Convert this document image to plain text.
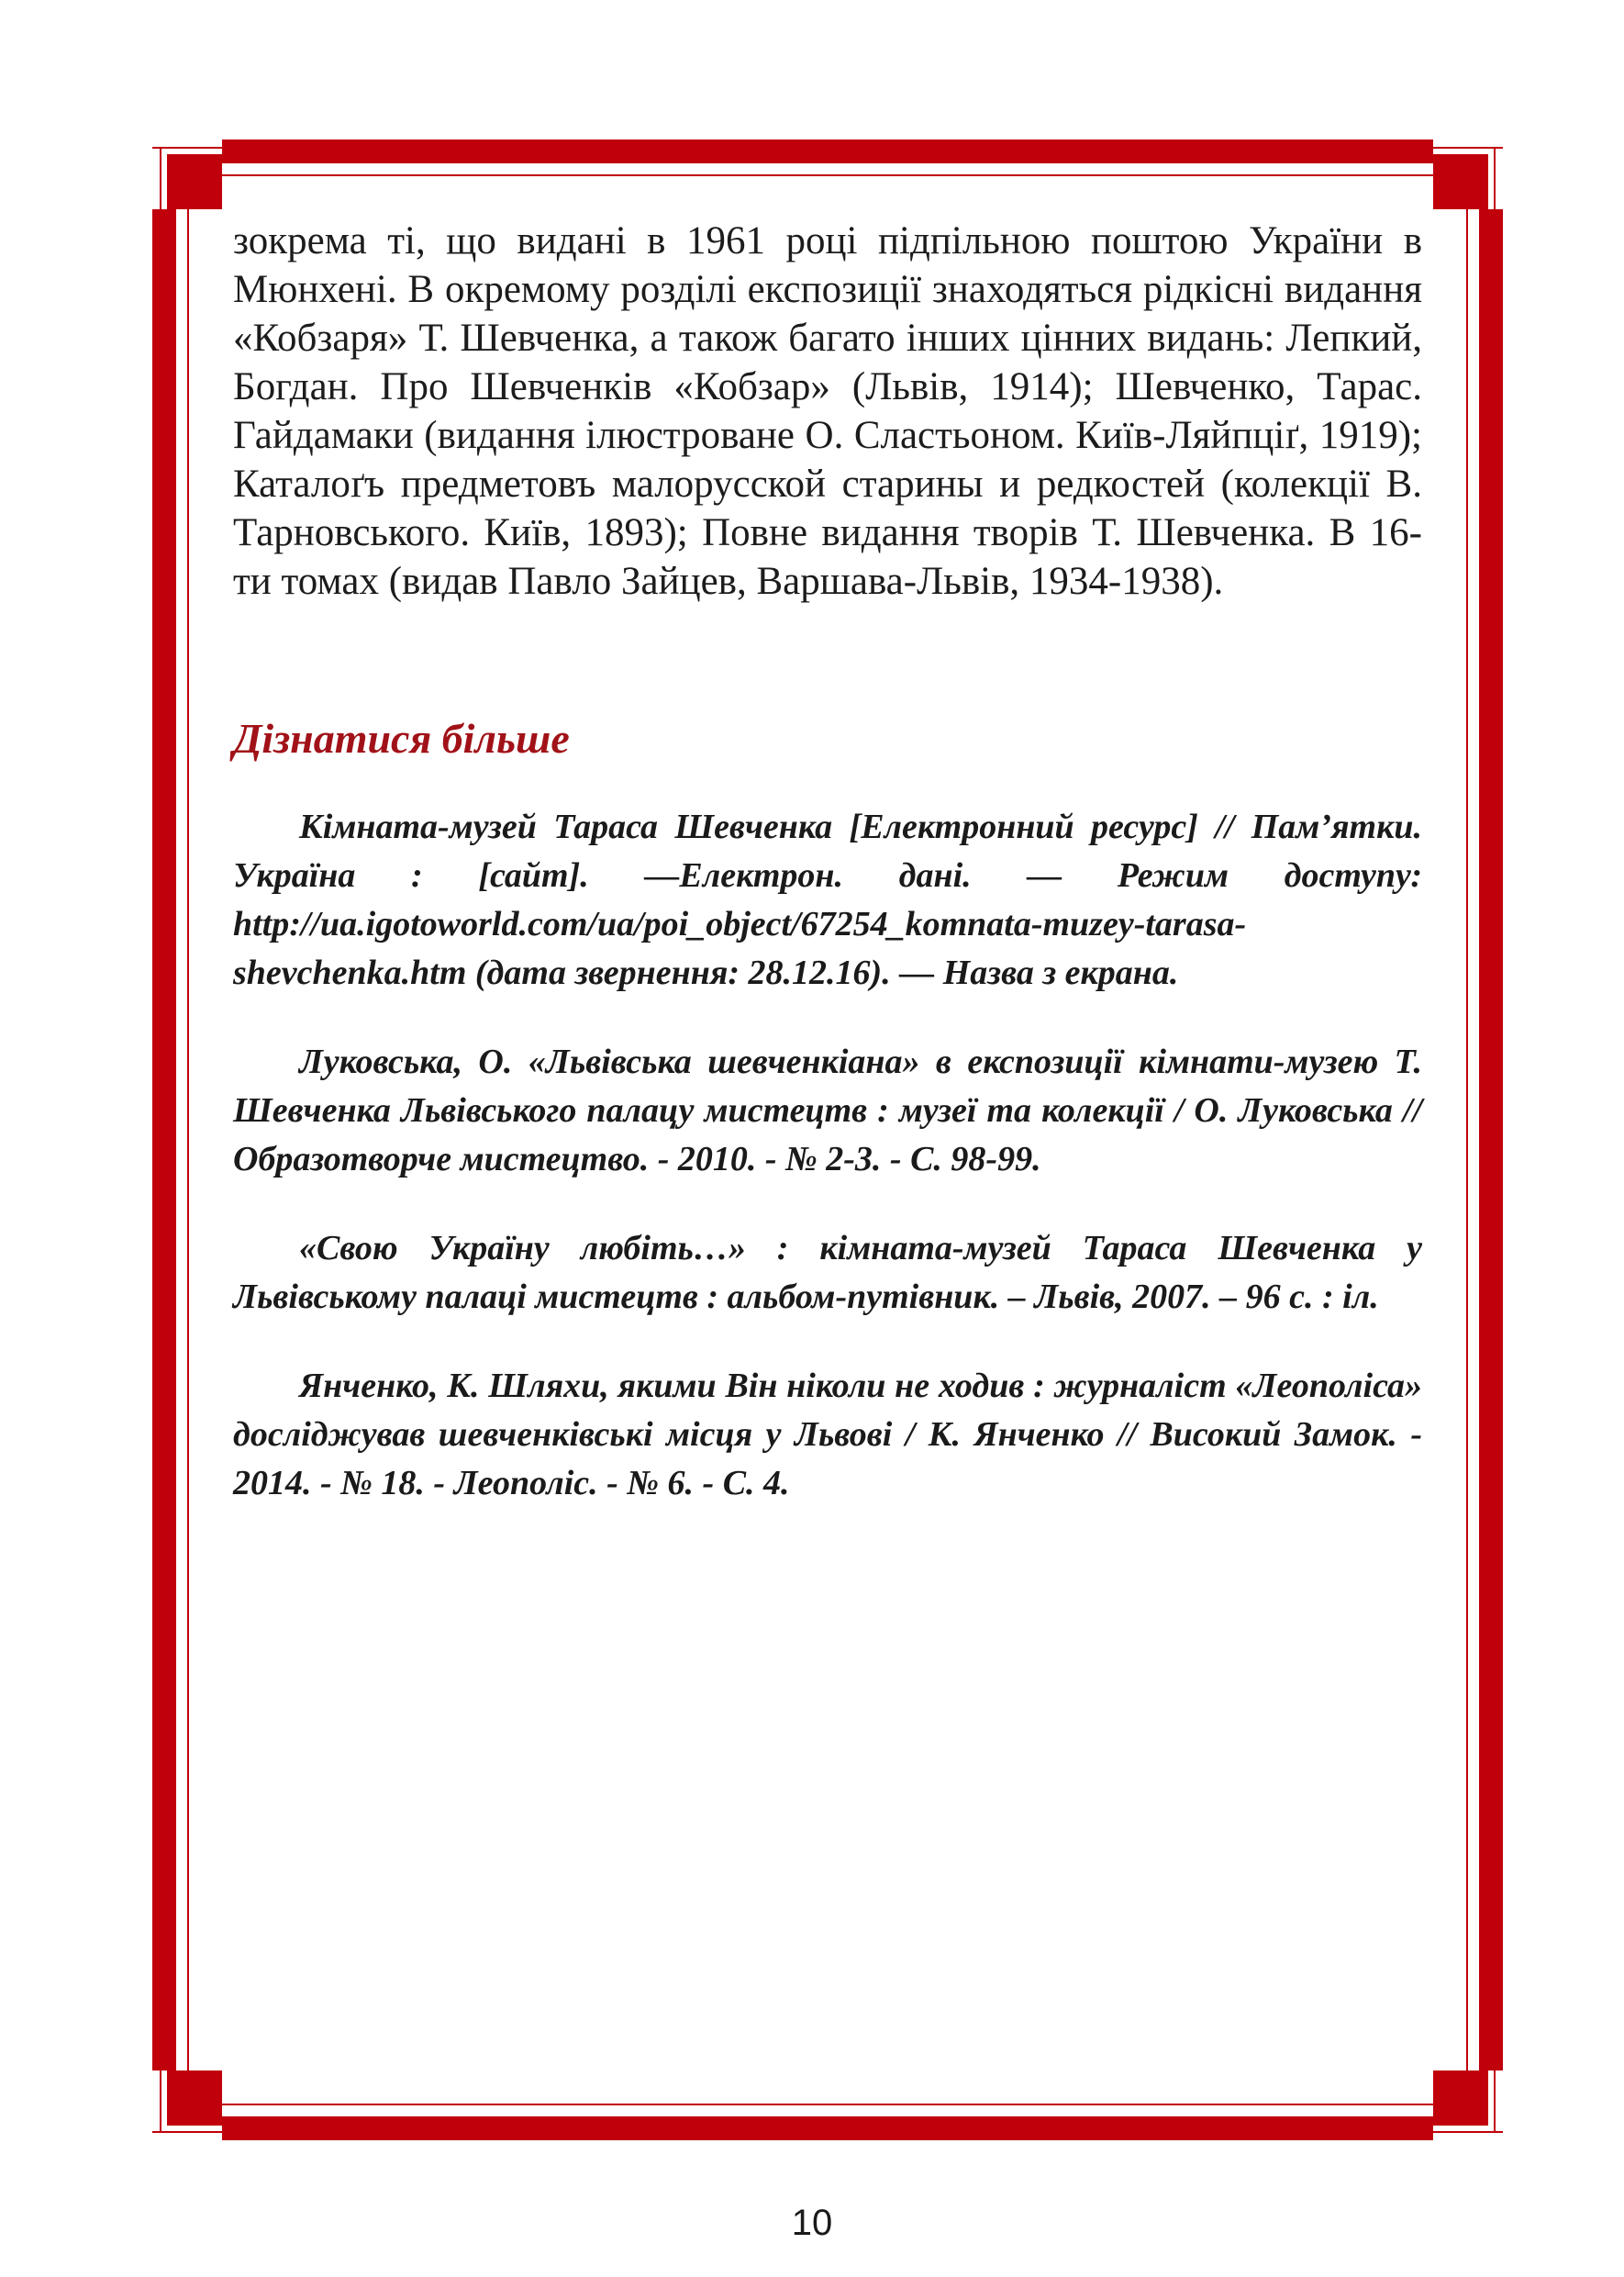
зокрема ті, що видані в 1961 році підпільною поштою України в Мюнхені. В окремому розділі експозиції знаходяться рідкісні видання «Кобзаря» Т. Шевченка, а також багато інших цінних видань: Лепкий, Богдан. Про Шевченків «Кобзар» (Львів, 1914); Шевченко, Тарас. Гайдамаки (видання ілюстроване О. Сластьоном. Київ-Ляйпціґ, 1919); Каталоґъ предметовъ малорусской старины и редкостей (колекції В. Тарновського. Київ, 1893); Повне видання творів Т. Шевченка. В 16-ти томах (видав Павло Зайцев, Варшава-Львів, 1934-1938).

Дізнатися більше

Кімната-музей Тараса Шевченка [Електронний ресурс] // Пам’ятки. Україна : [сайт]. —Електрон. дані. — Режим доступу: http://ua.igotoworld.com/ua/poi_object/67254_komnata-muzey-tarasa-shevchenka.htm (дата звернення: 28.12.16). — Назва з екрана.

Луковська, О. «Львівська шевченкіана» в експозиції кімнати-музею Т. Шевченка Львівського палацу мистецтв : музеї та колекції / О. Луковська // Образотворче мистецтво. - 2010. - № 2-3. - С. 98-99.

«Свою Україну любіть…» : кімната-музей Тараса Шевченка у Львівському палаці мистецтв : альбом-путівник. – Львів, 2007. – 96 с. : іл.

Янченко, К. Шляхи, якими Він ніколи не ходив : журналіст «Леополіса» досліджував шевченківські місця у Львові / К. Янченко // Високий Замок. - 2014. - № 18. - Леополіс. - № 6. - С. 4.

10
